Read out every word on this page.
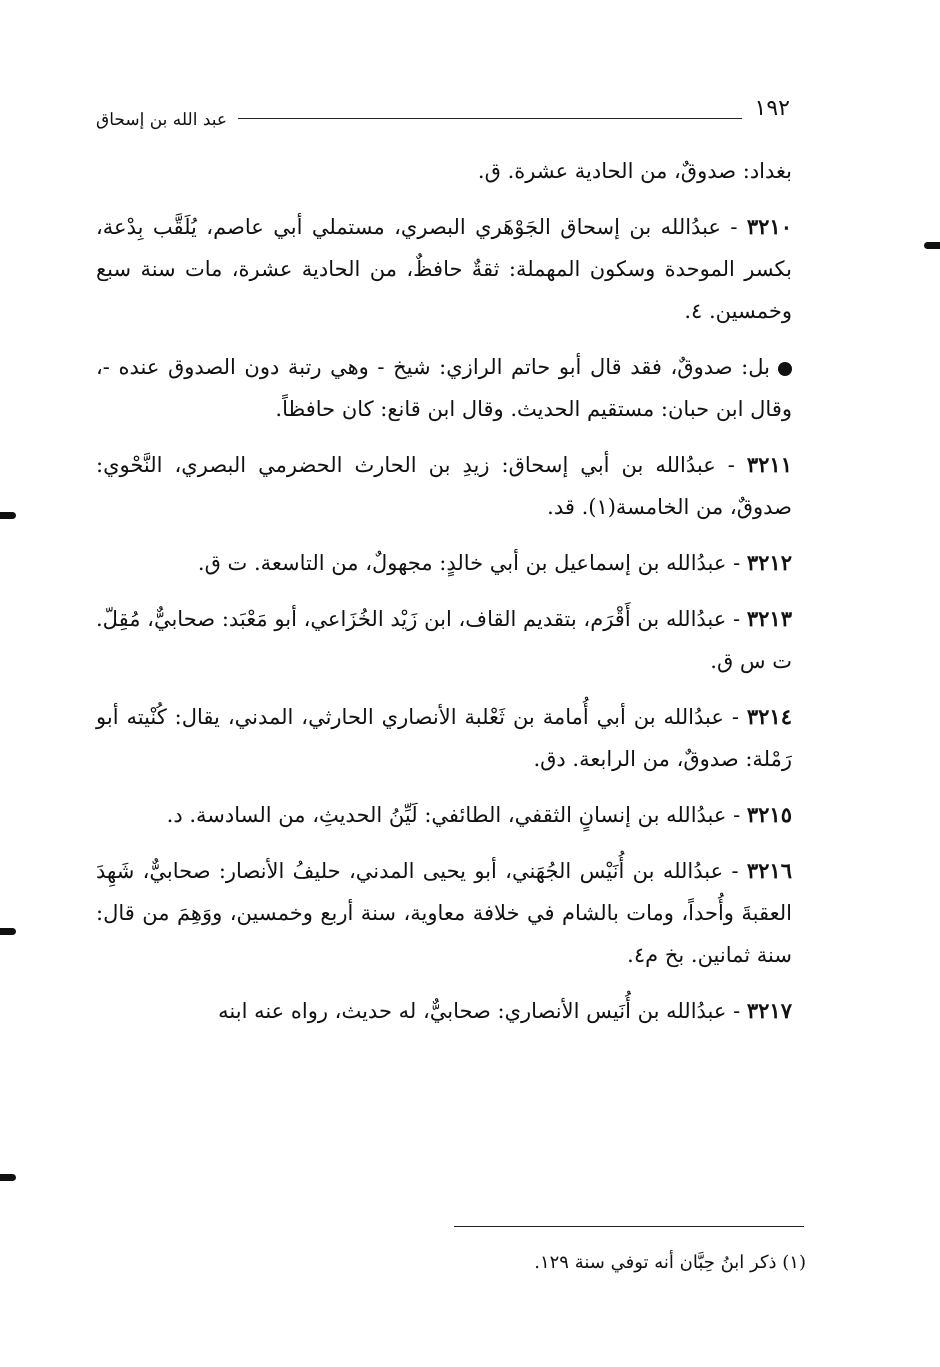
١٩٢
عبد الله بن إسحاق

بغداد: صدوقٌ، من الحادية عشرة. ق.

٣٢١٠ - عبدُالله بن إسحاق الجَوْهَري البصري، مستملي أبي عاصم، يُلَقَّب بِدْعة، بكسر الموحدة وسكون المهملة: ثقةٌ حافظٌ، من الحادية عشرة، مات سنة سبع وخمسين. ٤.

بل: صدوقٌ، فقد قال أبو حاتم الرازي: شيخ - وهي رتبة دون الصدوق عنده -، وقال ابن حبان: مستقيم الحديث. وقال ابن قانع: كان حافظاً.

٣٢١١ - عبدُالله بن أبي إسحاق: زيدِ بن الحارث الحضرمي البصري، النَّحْوي: صدوقٌ، من الخامسة(١). قد.

٣٢١٢ - عبدُالله بن إسماعيل بن أبي خالدٍ: مجهولٌ، من التاسعة. ت ق.

٣٢١٣ - عبدُالله بن أَقْرَم، بتقديم القاف، ابن زَيْد الخُزَاعي، أبو مَعْبَد: صحابيٌّ، مُقِلّ. ت س ق.

٣٢١٤ - عبدُالله بن أبي أُمامة بن ثَعْلبة الأنصاري الحارثي، المدني، يقال: كُنْيته أبو رَمْلة: صدوقٌ، من الرابعة. دق.

٣٢١٥ - عبدُالله بن إنسانٍ الثقفي، الطائفي: لَيِّنُ الحديثِ، من السادسة. د.

٣٢١٦ - عبدُالله بن أُنَيْس الجُهَني، أبو يحيى المدني، حليفُ الأنصار: صحابيٌّ، شَهِدَ العقبةَ وأُحداً، ومات بالشام في خلافة معاوية، سنة أربع وخمسين، ووَهِمَ من قال: سنة ثمانين. بخ م٤.

٣٢١٧ - عبدُالله بن أُنَيس الأنصاري: صحابيٌّ، له حديث، رواه عنه ابنه

(١) ذكر ابنُ حِبَّان أنه توفي سنة ١٢٩.
